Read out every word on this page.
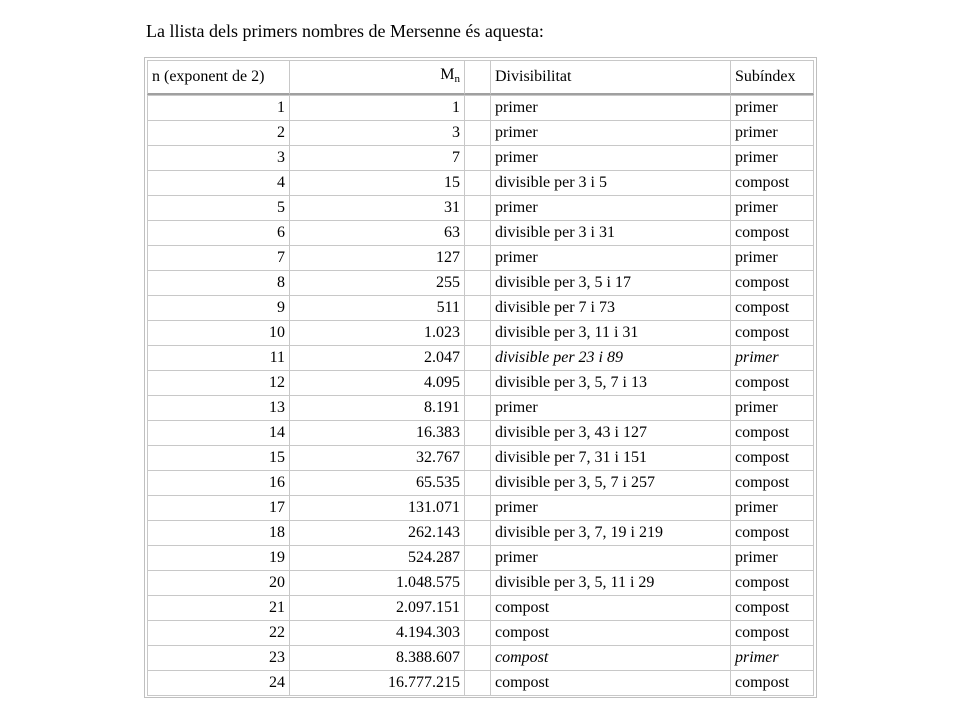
La llista dels primers nombres de Mersenne és aquesta:
n (exponent de 2)	$M_n$		Divisibilitat	Subíndex
1	1		primer	primer
2	3		primer	primer
3	7		primer	primer
4	15		divisible per 3 i 5	compost
5	31		primer	primer
6	63		divisible per 3 i 31	compost
7	127		primer	primer
8	255		divisible per 3, 5 i 17	compost
9	511		divisible per 7 i 73	compost
10	1.023		divisible per 3, 11 i 31	compost
11	2.047		divisible per 23 i 89	primer
12	4.095		divisible per 3, 5, 7 i 13	compost
13	8.191		primer	primer
14	16.383		divisible per 3, 43 i 127	compost
15	32.767		divisible per 7, 31 i 151	compost
16	65.535		divisible per 3, 5, 7 i 257	compost
17	131.071		primer	primer
18	262.143		divisible per 3, 7, 19 i 219	compost
19	524.287		primer	primer
20	1.048.575		divisible per 3, 5, 11 i 29	compost
21	2.097.151		compost	compost
22	4.194.303		compost	compost
23	8.388.607		compost	primer
24	16.777.215		compost	compost
